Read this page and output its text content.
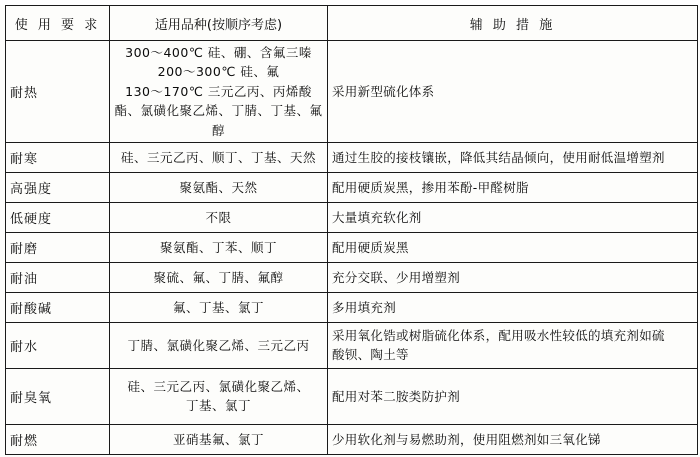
使 用 要 求	适用品种(按顺序考虑)	辅 助 措 施

耐热	300～400℃ 硅、硼、含氟三嗪
200～300℃ 硅、氟
130～170℃ 三元乙丙、丙烯酸
酯、氯磺化聚乙烯、丁腈、丁基、氟醇	采用新型硫化体系

耐寒	硅、三元乙丙、顺丁、丁基、天然	通过生胶的接枝镶嵌，降低其结晶倾向，使用耐低温增塑剂

高强度	聚氨酯、天然	配用硬质炭黑，掺用苯酚-甲醛树脂

低硬度	不限	大量填充软化剂

耐磨	聚氨酯、丁苯、顺丁	配用硬质炭黑

耐油	聚硫、氟、丁腈、氟醇	充分交联、少用增塑剂

耐酸碱	氟、丁基、氯丁	多用填充剂

耐水	丁腈、氯磺化聚乙烯、三元乙丙	采用氧化锆或树脂硫化体系，配用吸水性较低的填充剂如硫
酸钡、陶土等

耐臭氧	硅、三元乙丙、氯磺化聚乙烯、
丁基、氯丁	配用对苯二胺类防护剂

耐燃	亚硝基氟、氯丁	少用软化剂与易燃助剂，使用阻燃剂如三氧化锑
